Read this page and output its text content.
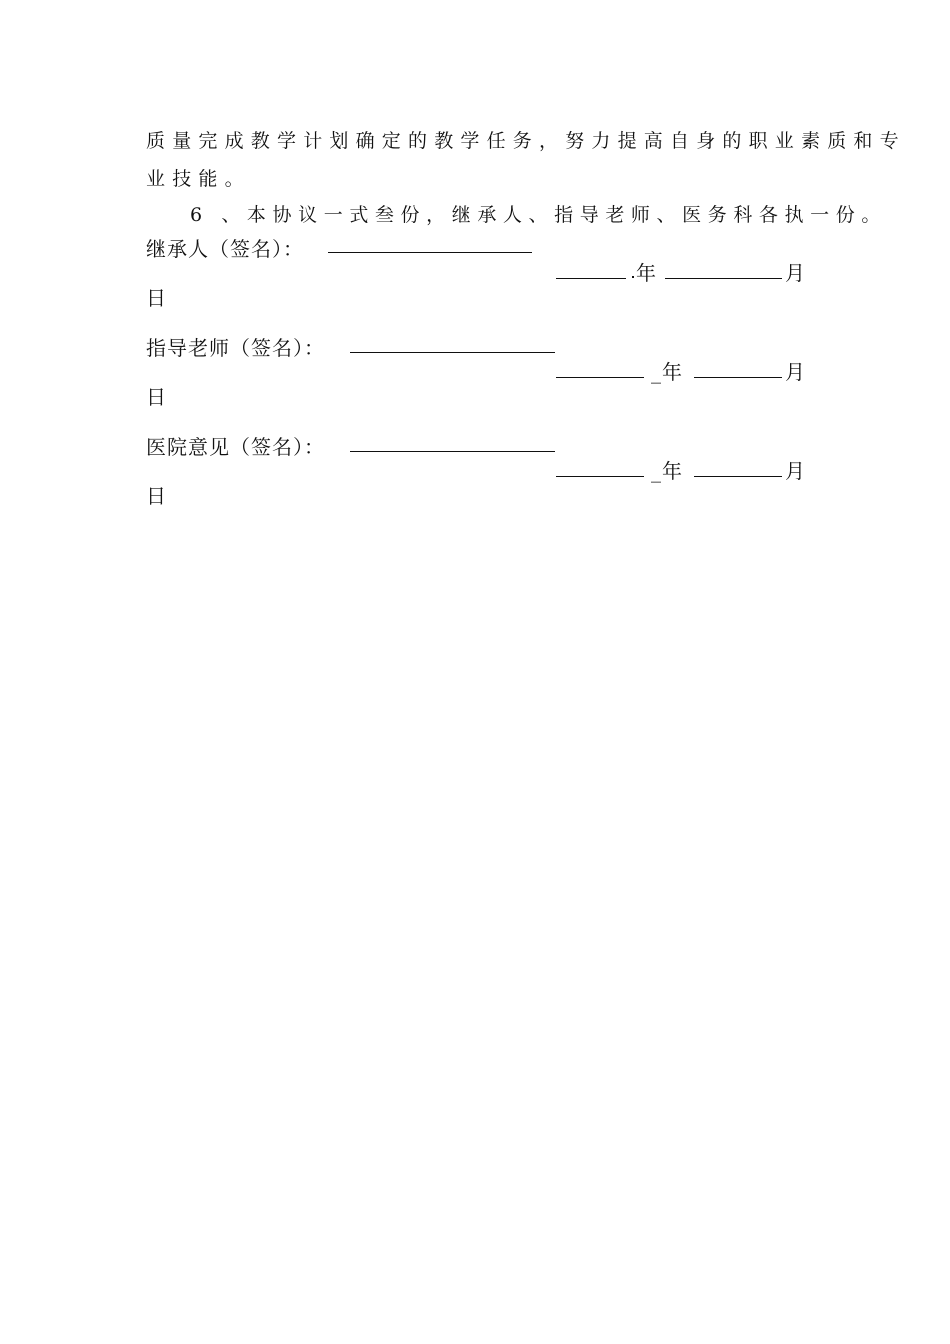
质量完成教学计划确定的教学任务，努力提高自身的职业素质和专
业技能。
6 、本协议一式叁份，继承人、指导老师、医务科各执一份。
继承人（签名）：
年	月
日
指导老师（签名）：
_年	月
日
医院意见（签名）：
_年	月
日
